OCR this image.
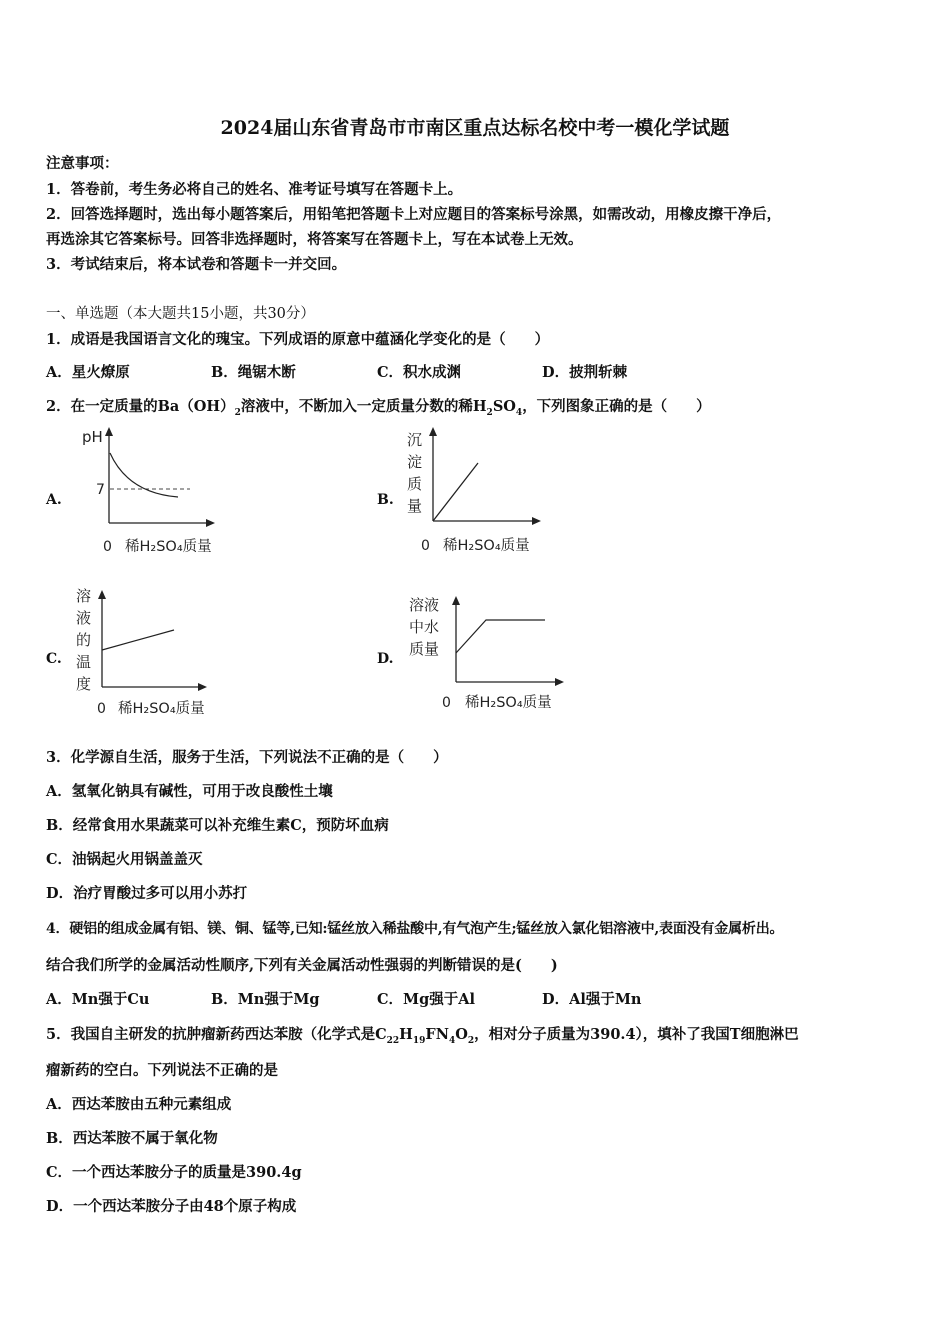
2024届山东省青岛市市南区重点达标名校中考一模化学试题
注意事项：
1．答卷前，考生务必将自己的姓名、准考证号填写在答题卡上。
2．回答选择题时，选出每小题答案后，用铅笔把答题卡上对应题目的答案标号涂黑，如需改动，用橡皮擦干净后，
再选涂其它答案标号。回答非选择题时，将答案写在答题卡上，写在本试卷上无效。
3．考试结束后，将本试卷和答题卡一并交回。
一、单选题（本大题共15小题，共30分）
1．成语是我国语言文化的瑰宝。下列成语的原意中蕴涵化学变化的是（　　）
A．星火燎原	B．绳锯木断	C．积水成渊	D．披荆斩棘
2．在一定质量的$Ba(OH)_2$溶液中，不断加入一定质量分数的稀$H_2SO_4$，下列图象正确的是（　　）
A.	B.
C.	D.
pH
7
0 稀H₂SO₄质量
沉
淀
质
量
0 稀H₂SO₄质量
溶
液
的
温
度
0 稀H₂SO₄质量
溶液
中水
质量
0 稀H₂SO₄质量
3．化学源自生活，服务于生活，下列说法不正确的是（　　）
A．氢氧化钠具有碱性，可用于改良酸性土壤
B．经常食用水果蔬菜可以补充维生素C，预防坏血病
C．油锅起火用锅盖盖灭
D．治疗胃酸过多可以用小苏打
4．硬铝的组成金属有铝、镁、铜、锰等,已知:锰丝放入稀盐酸中,有气泡产生;锰丝放入氯化铝溶液中,表面没有金属析出。
结合我们所学的金属活动性顺序,下列有关金属活动性强弱的判断错误的是(　　)
A．Mn强于Cu	B．Mn强于Mg	C．Mg强于Al	D．Al强于Mn
5．我国自主研发的抗肿瘤新药西达苯胺（化学式是$C_{22}H_{19}FN_4O_2$，相对分子质量为390.4），填补了我国T细胞淋巴
瘤新药的空白。下列说法不正确的是
A．西达苯胺由五种元素组成
B．西达苯胺不属于氧化物
C．一个西达苯胺分子的质量是390.4g
D．一个西达苯胺分子由48个原子构成
